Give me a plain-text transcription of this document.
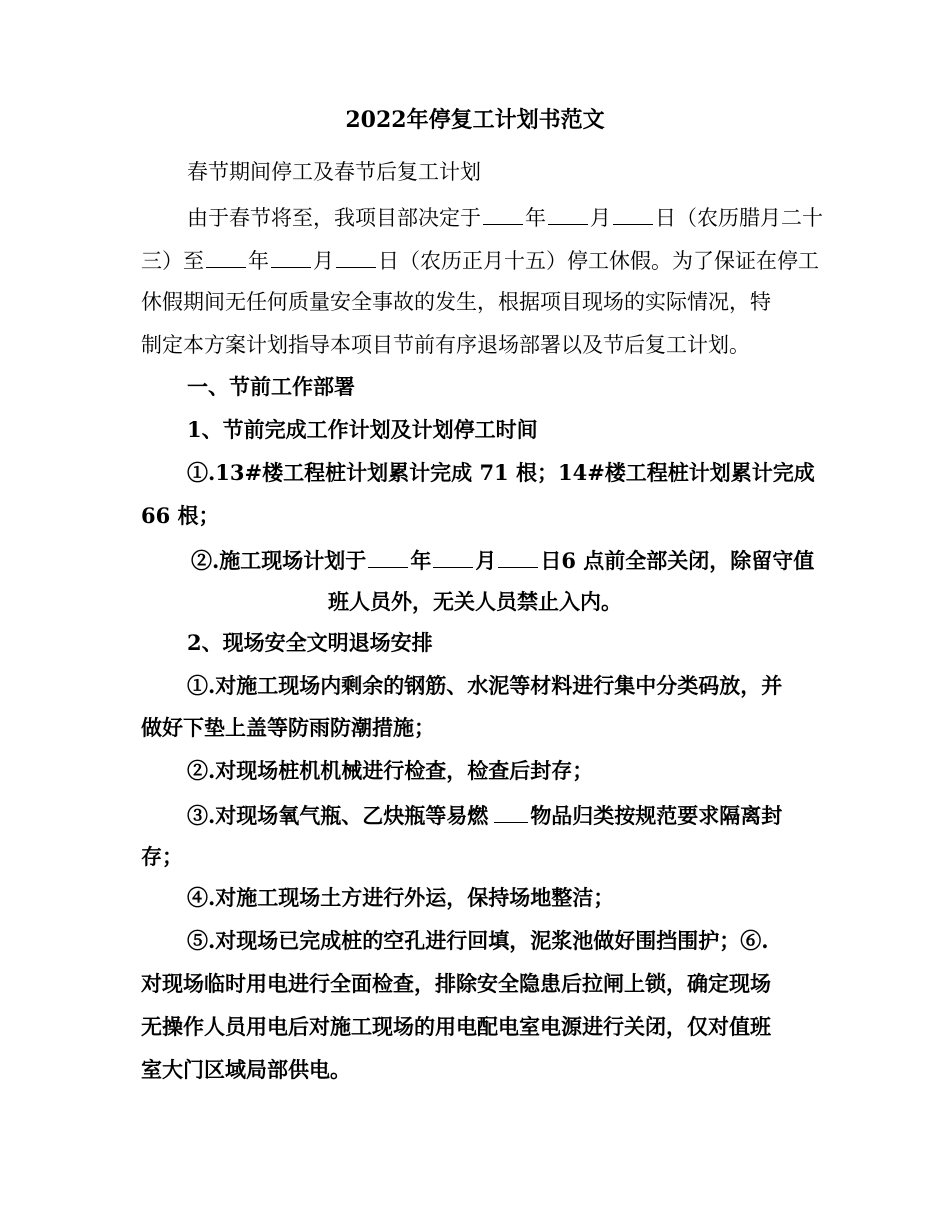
2022年停复工计划书范文
春节期间停工及春节后复工计划
由于春节将至，我项目部决定于 年 月 日（农历腊月二十
三）至 年 月 日（农历正月十五）停工休假。为了保证在停工
休假期间无任何质量安全事故的发生，根据项目现场的实际情况，特
制定本方案计划指导本项目节前有序退场部署以及节后复工计划。
一、节前工作部署
1、节前完成工作计划及计划停工时间
①.13#楼工程桩计划累计完成 71 根；14#楼工程桩计划累计完成
66 根；
②.施工现场计划于 年 月 日6 点前全部关闭，除留守值
班人员外，无关人员禁止入内。
2、现场安全文明退场安排
①.对施工现场内剩余的钢筋、水泥等材料进行集中分类码放，并
做好下垫上盖等防雨防潮措施；
②.对现场桩机机械进行检查，检查后封存；
③.对现场氧气瓶、乙炔瓶等易燃 物品归类按规范要求隔离封
存；
④.对施工现场土方进行外运，保持场地整洁；
⑤.对现场已完成桩的空孔进行回填，泥浆池做好围挡围护；⑥.
对现场临时用电进行全面检查，排除安全隐患后拉闸上锁，确定现场
无操作人员用电后对施工现场的用电配电室电源进行关闭，仅对值班
室大门区域局部供电。
